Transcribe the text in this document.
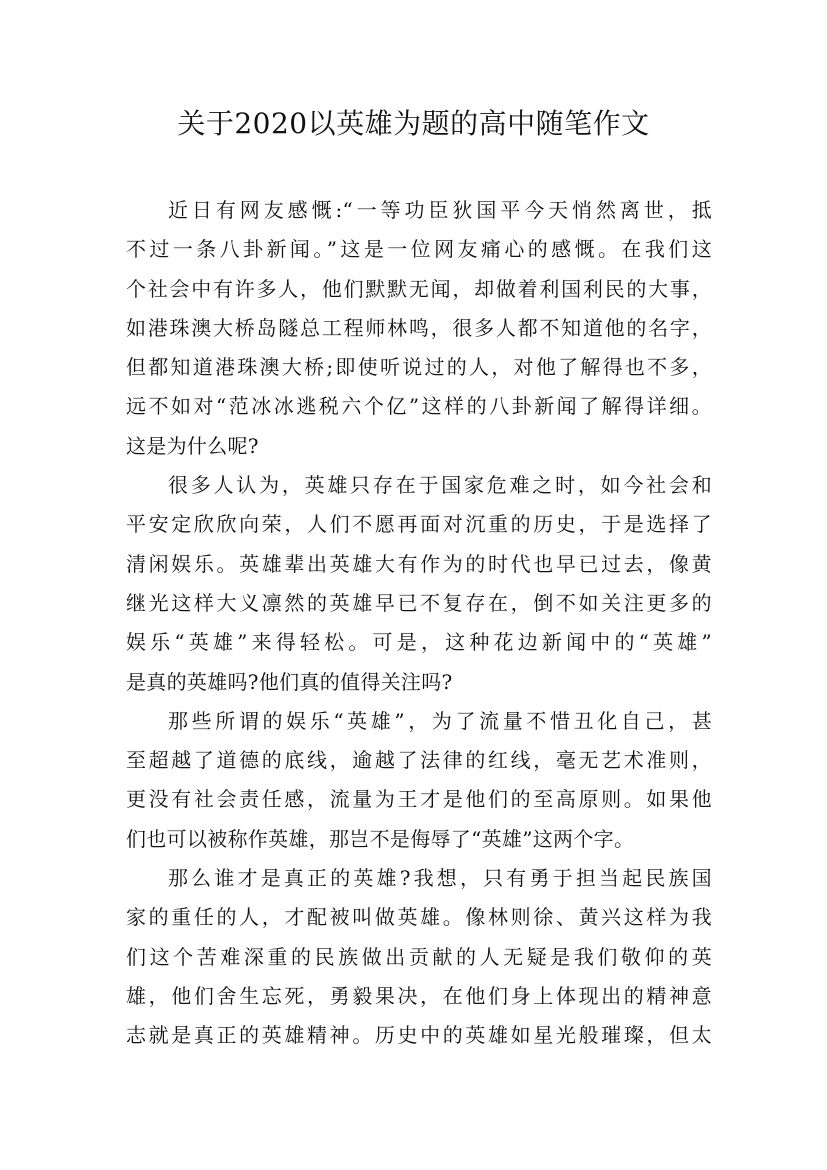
关于2020以英雄为题的高中随笔作文
近日有网友感慨:“一等功臣狄国平今天悄然离世，抵
不过一条八卦新闻。”这是一位网友痛心的感慨。在我们这
个社会中有许多人，他们默默无闻，却做着利国利民的大事，
如港珠澳大桥岛隧总工程师林鸣，很多人都不知道他的名字，
但都知道港珠澳大桥;即使听说过的人，对他了解得也不多，
远不如对“范冰冰逃税六个亿”这样的八卦新闻了解得详细。
这是为什么呢?
很多人认为，英雄只存在于国家危难之时，如今社会和
平安定欣欣向荣，人们不愿再面对沉重的历史，于是选择了
清闲娱乐。英雄辈出英雄大有作为的时代也早已过去，像黄
继光这样大义凛然的英雄早已不复存在，倒不如关注更多的
娱乐“英雄”来得轻松。可是，这种花边新闻中的“英雄”
是真的英雄吗?他们真的值得关注吗?
那些所谓的娱乐“英雄”，为了流量不惜丑化自己，甚
至超越了道德的底线，逾越了法律的红线，毫无艺术准则，
更没有社会责任感，流量为王才是他们的至高原则。如果他
们也可以被称作英雄，那岂不是侮辱了“英雄”这两个字。
那么谁才是真正的英雄?我想，只有勇于担当起民族国
家的重任的人，才配被叫做英雄。像林则徐、黄兴这样为我
们这个苦难深重的民族做出贡献的人无疑是我们敬仰的英
雄，他们舍生忘死，勇毅果决，在他们身上体现出的精神意
志就是真正的英雄精神。历史中的英雄如星光般璀璨，但太
